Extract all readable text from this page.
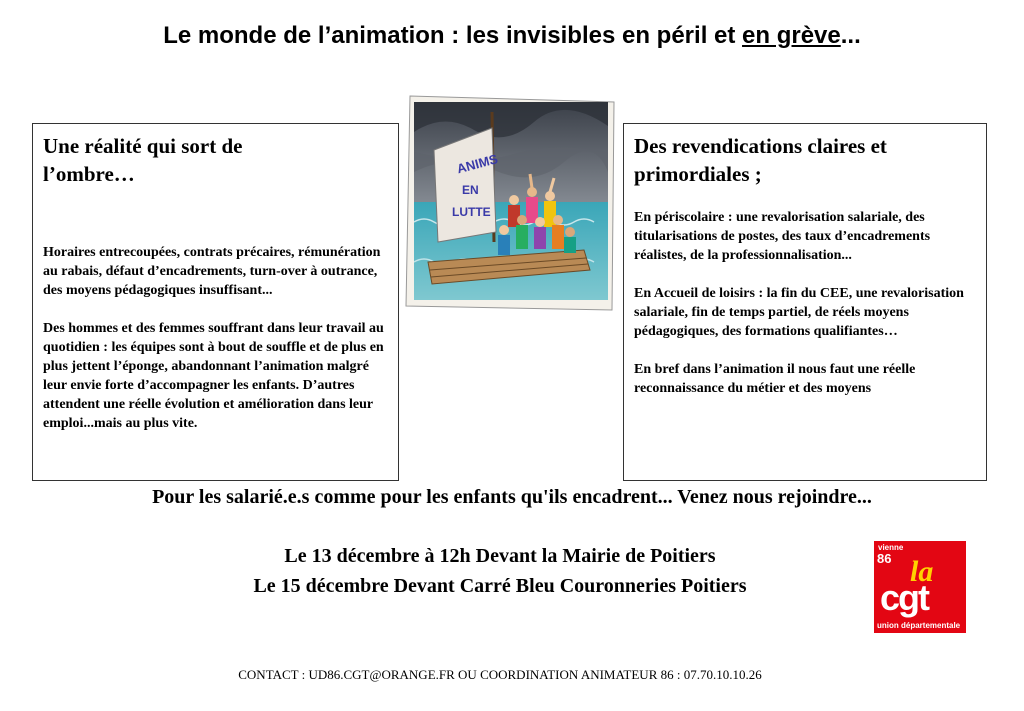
Le monde de l’animation : les invisibles en péril et en grève...
Une réalité qui sort de
l’ombre…

Horaires entrecoupées, contrats précaires, rémunération au rabais, défaut d’encadrements, turn-over à outrance, des moyens pédagogiques insuffisant...

Des hommes et des femmes souffrant dans leur travail au quotidien : les équipes sont à bout de souffle et de plus en plus jettent l’éponge, abandonnant l’animation malgré leur envie forte d’accompagner les enfants. D’autres attendent une réelle évolution et amélioration dans leur emploi...mais au plus vite.

Des revendications claires et
primordiales ;

En périscolaire : une revalorisation salariale, des titularisations de postes, des taux d’encadrements réalistes, de la professionnalisation...

En Accueil de loisirs : la fin du CEE, une revalorisation salariale, fin de temps partiel, de réels moyens pédagogiques, des formations qualifiantes…

En bref dans l’animation il nous faut une réelle reconnaissance du métier et des moyens

ANIMS
EN
LUTTE
Pour les salarié.e.s comme pour les enfants qu'ils encadrent... Venez nous rejoindre...
Le 13 décembre à 12h Devant la Mairie de Poitiers
Le 15 décembre Devant Carré Bleu Couronneries Poitiers
vienne
86 la
cgt
union départementale
CONTACT : UD86.CGT@ORANGE.FR OU COORDINATION ANIMATEUR 86 : 07.70.10.10.26
